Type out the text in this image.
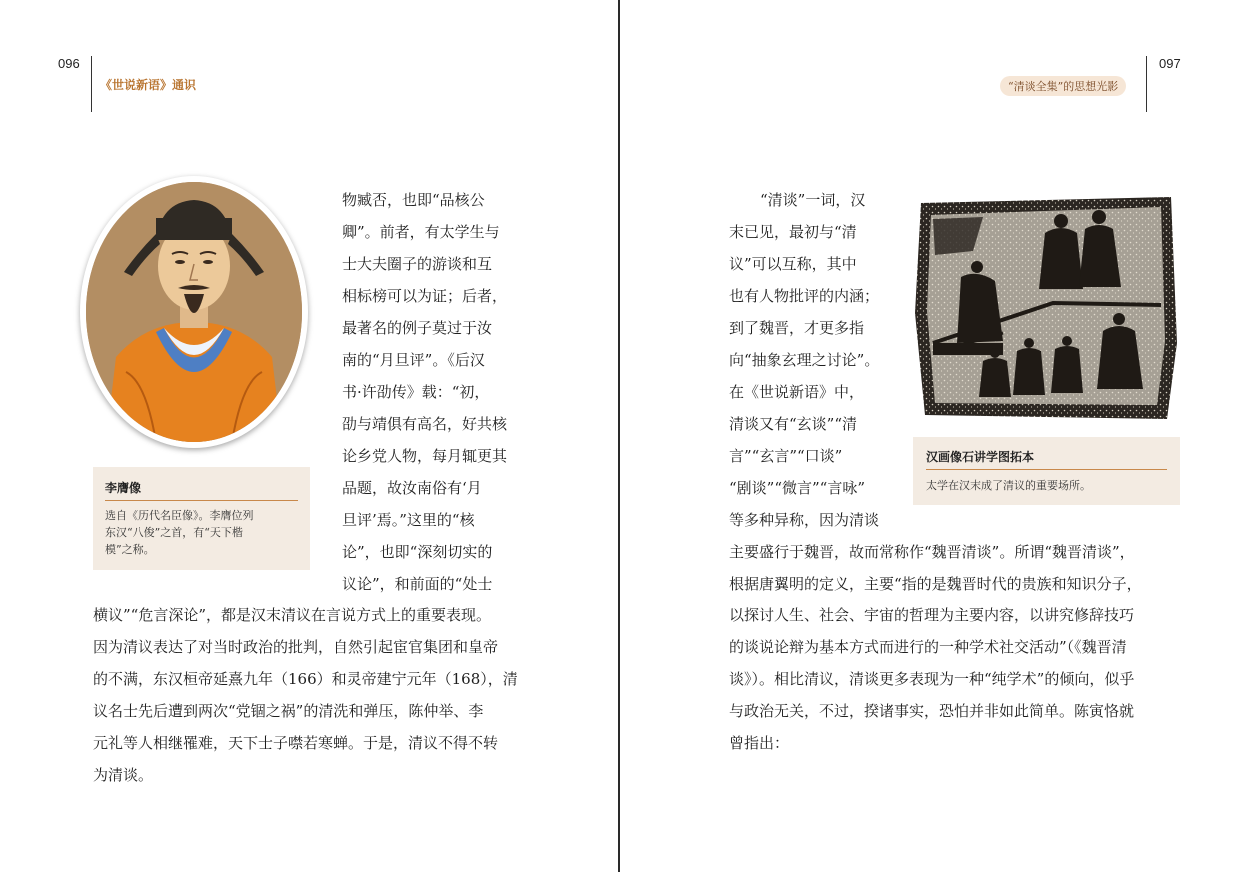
096
《世说新语》通识
李膺像
选自《历代名臣像》。李膺位列
东汉“八俊”之首，有“天下楷
模”之称。
物臧否，也即“品核公
卿”。前者，有太学生与
士大夫圈子的游谈和互
相标榜可以为证；后者，
最著名的例子莫过于汝
南的“月旦评”。《后汉
书·许劭传》载：“初，
劭与靖俱有高名，好共核
论乡党人物，每月辄更其
品题，故汝南俗有‘月
旦评’焉。”这里的“核
论”，也即“深刻切实的
议论”，和前面的“处士
横议”“危言深论”，都是汉末清议在言说方式上的重要表现。
因为清议表达了对当时政治的批判，自然引起宦官集团和皇帝
的不满，东汉桓帝延熹九年（166）和灵帝建宁元年（168），清
议名士先后遭到两次“党锢之祸”的清洗和弹压，陈仲举、李
元礼等人相继罹难，天下士子噤若寒蝉。于是，清议不得不转
为清谈。
“清谈全集”的思想光影
097
“清谈”一词，汉
末已见，最初与“清
议”可以互称，其中
也有人物批评的内涵；
到了魏晋，才更多指
向“抽象玄理之讨论”。
在《世说新语》中，
清谈又有“玄谈”“清
言”“玄言”“口谈”
“剧谈”“微言”“言咏”
等多种异称，因为清谈
主要盛行于魏晋，故而常称作“魏晋清谈”。所谓“魏晋清谈”，
根据唐翼明的定义，主要“指的是魏晋时代的贵族和知识分子，
以探讨人生、社会、宇宙的哲理为主要内容，以讲究修辞技巧
的谈说论辩为基本方式而进行的一种学术社交活动”（《魏晋清
谈》）。相比清议，清谈更多表现为一种“纯学术”的倾向，似乎
与政治无关，不过，揆诸事实，恐怕并非如此简单。陈寅恪就
曾指出：
汉画像石讲学图拓本
太学在汉末成了清议的重要场所。
